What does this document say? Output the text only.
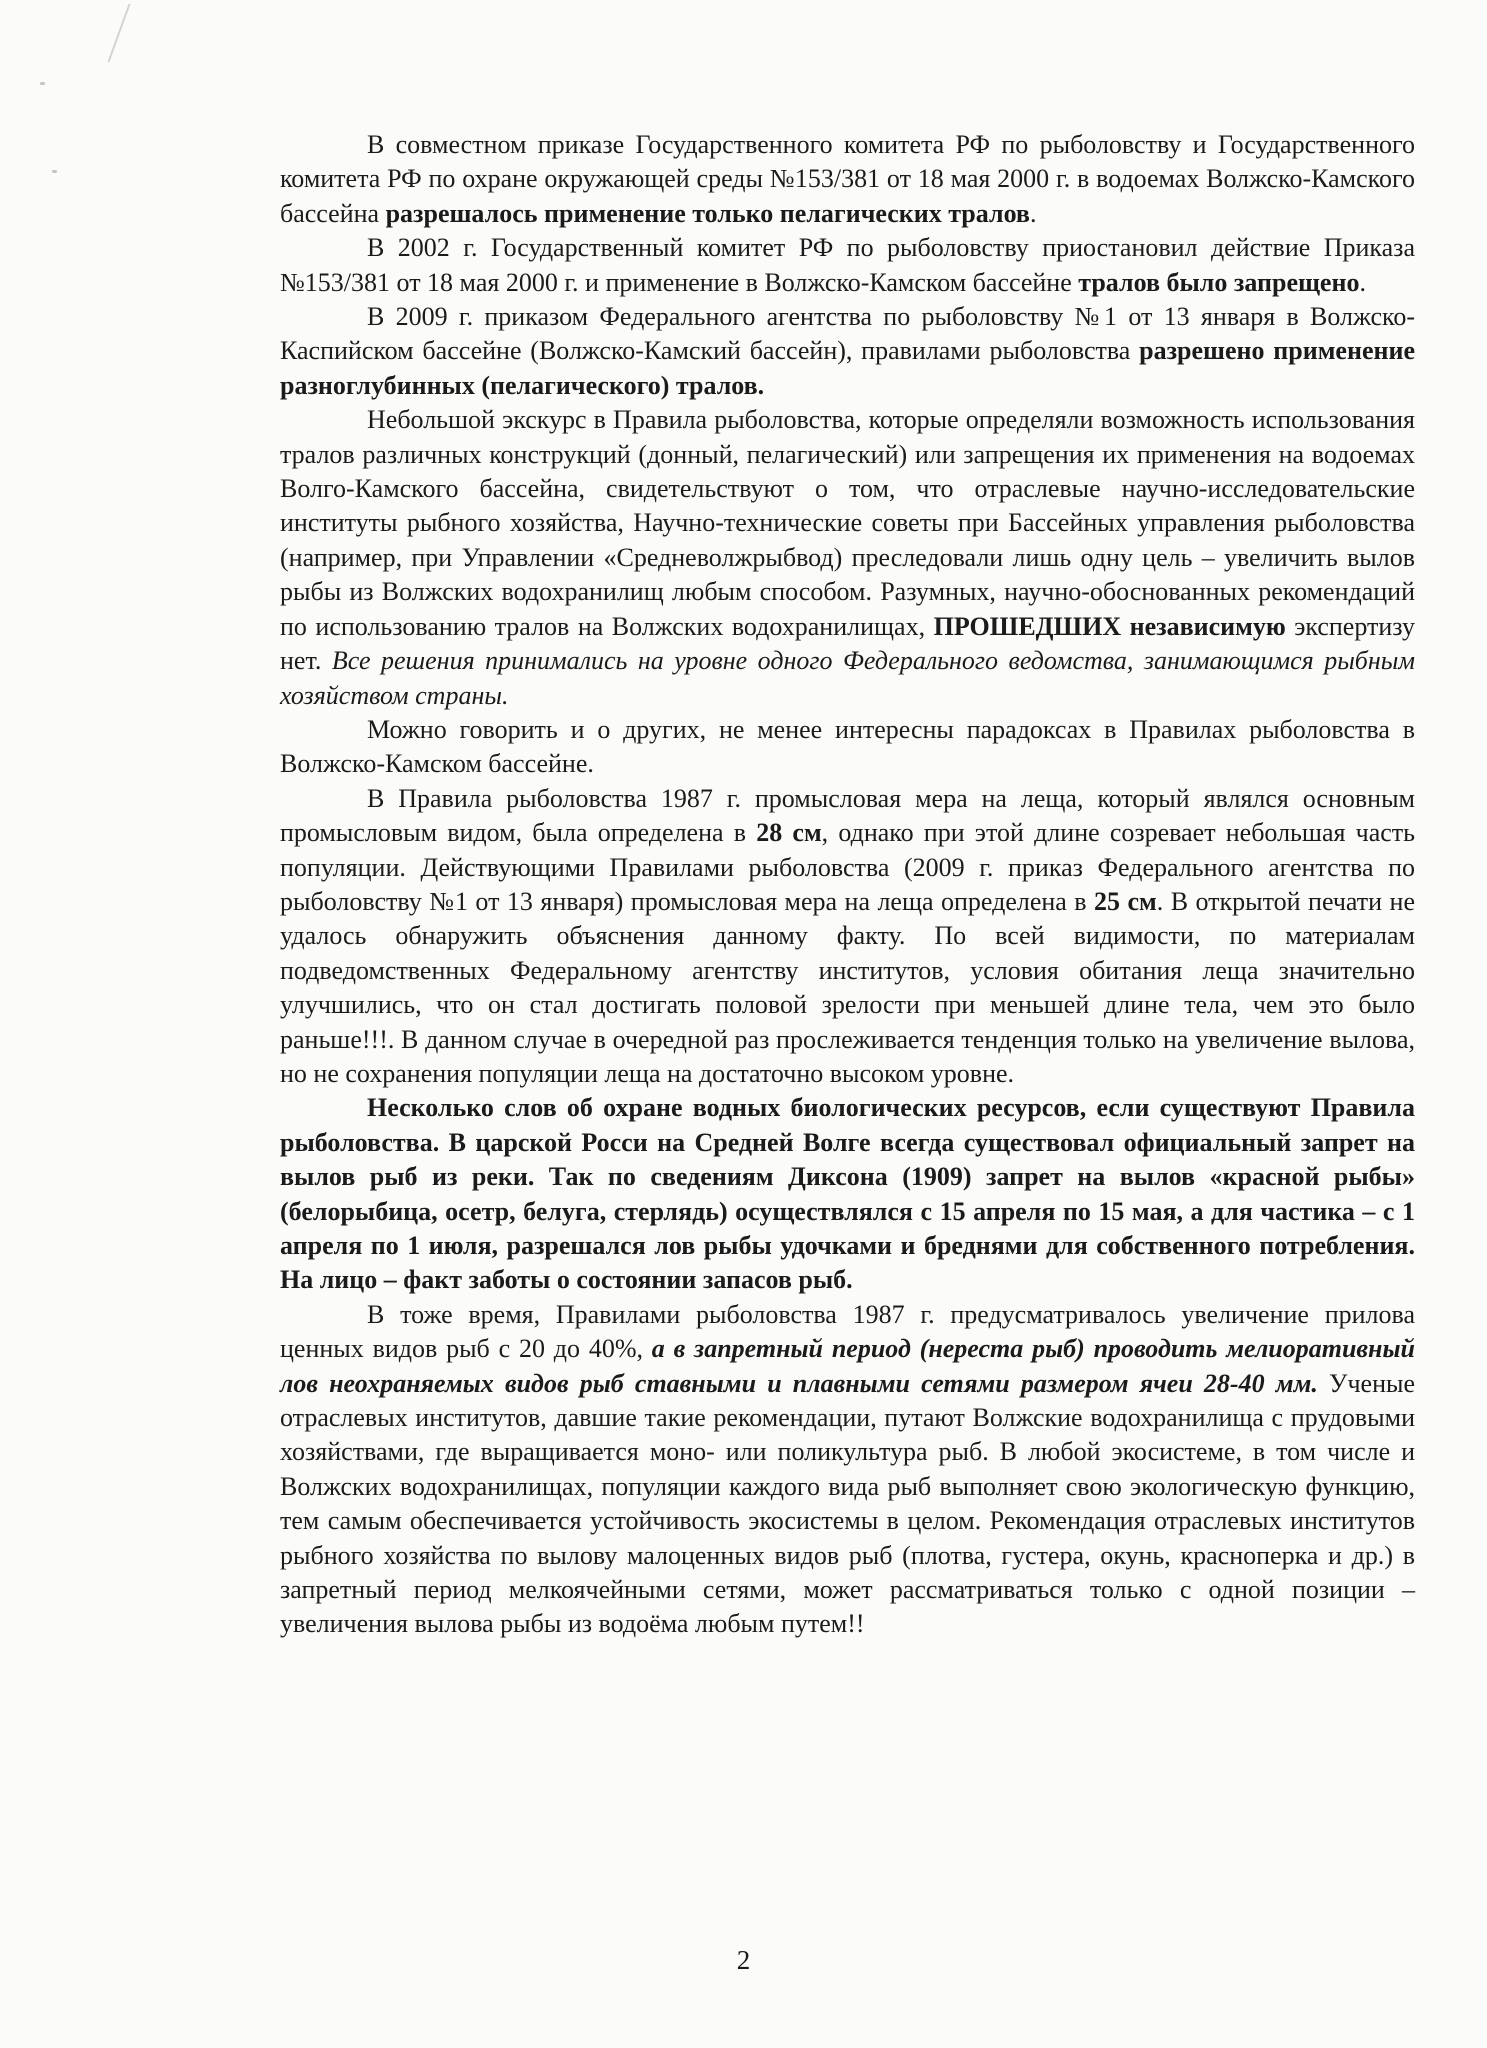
В совместном приказе Государственного комитета РФ по рыболовству и Государственного комитета РФ по охране окружающей среды №153/381 от 18 мая 2000 г. в водоемах Волжско-Камского бассейна разрешалось применение только пелагических тралов.

В 2002 г. Государственный комитет РФ по рыболовству приостановил действие Приказа №153/381 от 18 мая 2000 г. и применение в Волжско-Камском бассейне тралов было запрещено.

В 2009 г. приказом Федерального агентства по рыболовству №1 от 13 января в Волжско-Каспийском бассейне (Волжско-Камский бассейн), правилами рыболовства разрешено применение разноглубинных (пелагического) тралов.

Небольшой экскурс в Правила рыболовства, которые определяли возможность использования тралов различных конструкций (донный, пелагический) или запрещения их применения на водоемах Волго-Камского бассейна, свидетельствуют о том, что отраслевые научно-исследовательские институты рыбного хозяйства, Научно-технические советы при Бассейных управления рыболовства (например, при Управлении «Средневолжрыбвод) преследовали лишь одну цель – увеличить вылов рыбы из Волжских водохранилищ любым способом. Разумных, научно-обоснованных рекомендаций по использованию тралов на Волжских водохранилищах, ПРОШЕДШИХ независимую экспертизу нет. Все решения принимались на уровне одного Федерального ведомства, занимающимся рыбным хозяйством страны.

Можно говорить и о других, не менее интересны парадоксах в Правилах рыболовства в Волжско-Камском бассейне.

В Правила рыболовства 1987 г. промысловая мера на леща, который являлся основным промысловым видом, была определена в 28 см, однако при этой длине созревает небольшая часть популяции. Действующими Правилами рыболовства (2009 г. приказ Федерального агентства по рыболовству №1 от 13 января) промысловая мера на леща определена в 25 см. В открытой печати не удалось обнаружить объяснения данному факту. По всей видимости, по материалам подведомственных Федеральному агентству институтов, условия обитания леща значительно улучшились, что он стал достигать половой зрелости при меньшей длине тела, чем это было раньше!!!. В данном случае в очередной раз прослеживается тенденция только на увеличение вылова, но не сохранения популяции леща на достаточно высоком уровне.

Несколько слов об охране водных биологических ресурсов, если существуют Правила рыболовства. В царской Росси на Средней Волге всегда существовал официальный запрет на вылов рыб из реки. Так по сведениям Диксона (1909) запрет на вылов «красной рыбы» (белорыбица, осетр, белуга, стерлядь) осуществлялся с 15 апреля по 15 мая, а для частика – с 1 апреля по 1 июля, разрешался лов рыбы удочками и бреднями для собственного потребления. На лицо – факт заботы о состоянии запасов рыб.

В тоже время, Правилами рыболовства 1987 г. предусматривалось увеличение прилова ценных видов рыб с 20 до 40%, а в запретный период (нереста рыб) проводить мелиоративный лов неохраняемых видов рыб ставными и плавными сетями размером ячеи 28-40 мм. Ученые отраслевых институтов, давшие такие рекомендации, путают Волжские водохранилища с прудовыми хозяйствами, где выращивается моно- или поликультура рыб. В любой экосистеме, в том числе и Волжских водохранилищах, популяции каждого вида рыб выполняет свою экологическую функцию, тем самым обеспечивается устойчивость экосистемы в целом. Рекомендация отраслевых институтов рыбного хозяйства по вылову малоценных видов рыб (плотва, густера, окунь, красноперка и др.) в запретный период мелкоячейными сетями, может рассматриваться только с одной позиции – увеличения вылова рыбы из водоёма любым путем!!

2
